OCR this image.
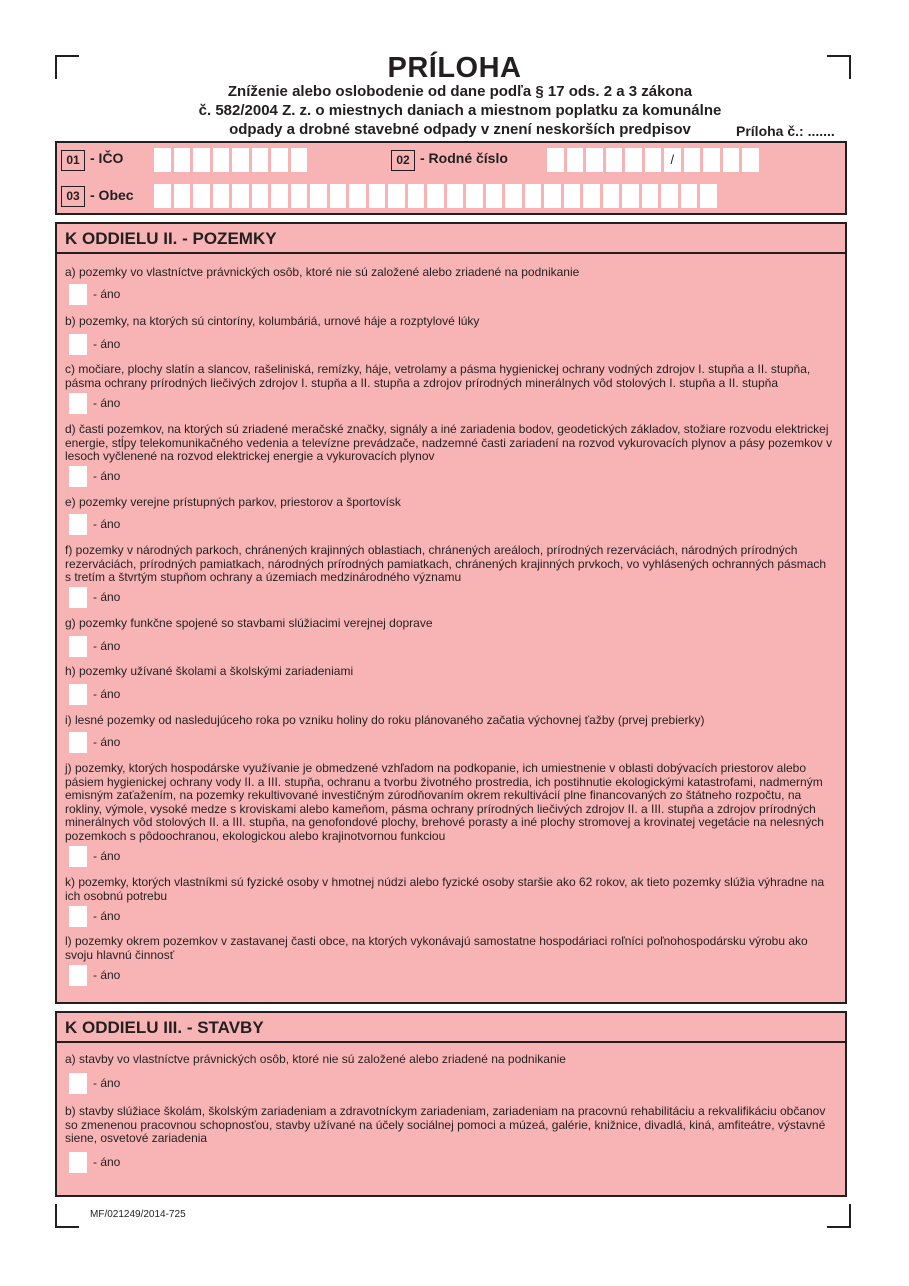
PRÍLOHA
Zníženie alebo oslobodenie od dane podľa § 17 ods. 2 a 3 zákona
č. 582/2004 Z. z. o miestnych daniach a miestnom poplatku za komunálne
odpady a drobné stavebné odpady v znení neskorších predpisov	Príloha č.: .......
01 - IČO	02 - Rodné číslo	/
03 - Obec
K ODDIELU II. - POZEMKY
a) pozemky vo vlastníctve právnických osôb, ktoré nie sú založené alebo zriadené na podnikanie
- áno
b) pozemky, na ktorých sú cintoríny, kolumbáriá, urnové háje a rozptylové lúky
- áno
c) močiare, plochy slatín a slancov, rašeliniská, remízky, háje, vetrolamy a pásma hygienickej ochrany vodných zdrojov I. stupňa a II. stupňa, pásma ochrany prírodných liečivých zdrojov I. stupňa a II. stupňa a zdrojov prírodných minerálnych vôd stolových I. stupňa a II. stupňa
- áno
d) časti pozemkov, na ktorých sú zriadené meračské značky, signály a iné zariadenia bodov, geodetických základov, stožiare rozvodu elektrickej energie, stĺpy telekomunikačného vedenia a televízne prevádzače, nadzemné časti zariadení na rozvod vykurovacích plynov a pásy pozemkov v lesoch vyčlenené na rozvod elektrickej energie a vykurovacích plynov
- áno
e) pozemky verejne prístupných parkov, priestorov a športovísk
- áno
f) pozemky v národných parkoch, chránených krajinných oblastiach, chránených areáloch, prírodných rezerváciách, národných prírodných rezerváciách, prírodných pamiatkach, národných prírodných pamiatkach, chránených krajinných prvkoch, vo vyhlásených ochranných pásmach s tretím a štvrtým stupňom ochrany a územiach medzinárodného významu
- áno
g) pozemky funkčne spojené so stavbami slúžiacimi verejnej doprave
- áno
h) pozemky užívané školami a školskými zariadeniami
- áno
i) lesné pozemky od nasledujúceho roka po vzniku holiny do roku plánovaného začatia výchovnej ťažby (prvej prebierky)
- áno
j) pozemky, ktorých hospodárske využívanie je obmedzené vzhľadom na podkopanie, ich umiestnenie v oblasti dobývacích priestorov alebo pásiem hygienickej ochrany vody II. a III. stupňa, ochranu a tvorbu životného prostredia, ich postihnutie ekologickými katastrofami, nadmerným emisným zaťažením, na pozemky rekultivované investičným zúrodňovaním okrem rekultivácií plne financovaných zo štátneho rozpočtu, na rokliny, výmole, vysoké medze s kroviskami alebo kameňom, pásma ochrany prírodných liečivých zdrojov II. a III. stupňa a zdrojov prírodných minerálnych vôd stolových II. a III. stupňa, na genofondové plochy, brehové porasty a iné plochy stromovej a krovinatej vegetácie na nelesných pozemkoch s pôdoochranou, ekologickou alebo krajinotvornou funkciou
- áno
k) pozemky, ktorých vlastníkmi sú fyzické osoby v hmotnej núdzi alebo fyzické osoby staršie ako 62 rokov, ak tieto pozemky slúžia výhradne na ich osobnú potrebu
- áno
l) pozemky okrem pozemkov v zastavanej časti obce, na ktorých vykonávajú samostatne hospodáriaci roľníci poľnohospodársku výrobu ako svoju hlavnú činnosť
- áno
K ODDIELU III. - STAVBY
a) stavby vo vlastníctve právnických osôb, ktoré nie sú založené alebo zriadené na podnikanie
- áno
b) stavby slúžiace školám, školským zariadeniam a zdravotníckym zariadeniam, zariadeniam na pracovnú rehabilitáciu a rekvalifikáciu občanov so zmenenou pracovnou schopnosťou, stavby užívané na účely sociálnej pomoci a múzeá, galérie, knižnice, divadlá, kiná, amfiteátre, výstavné siene, osvetové zariadenia
- áno
MF/021249/2014-725
